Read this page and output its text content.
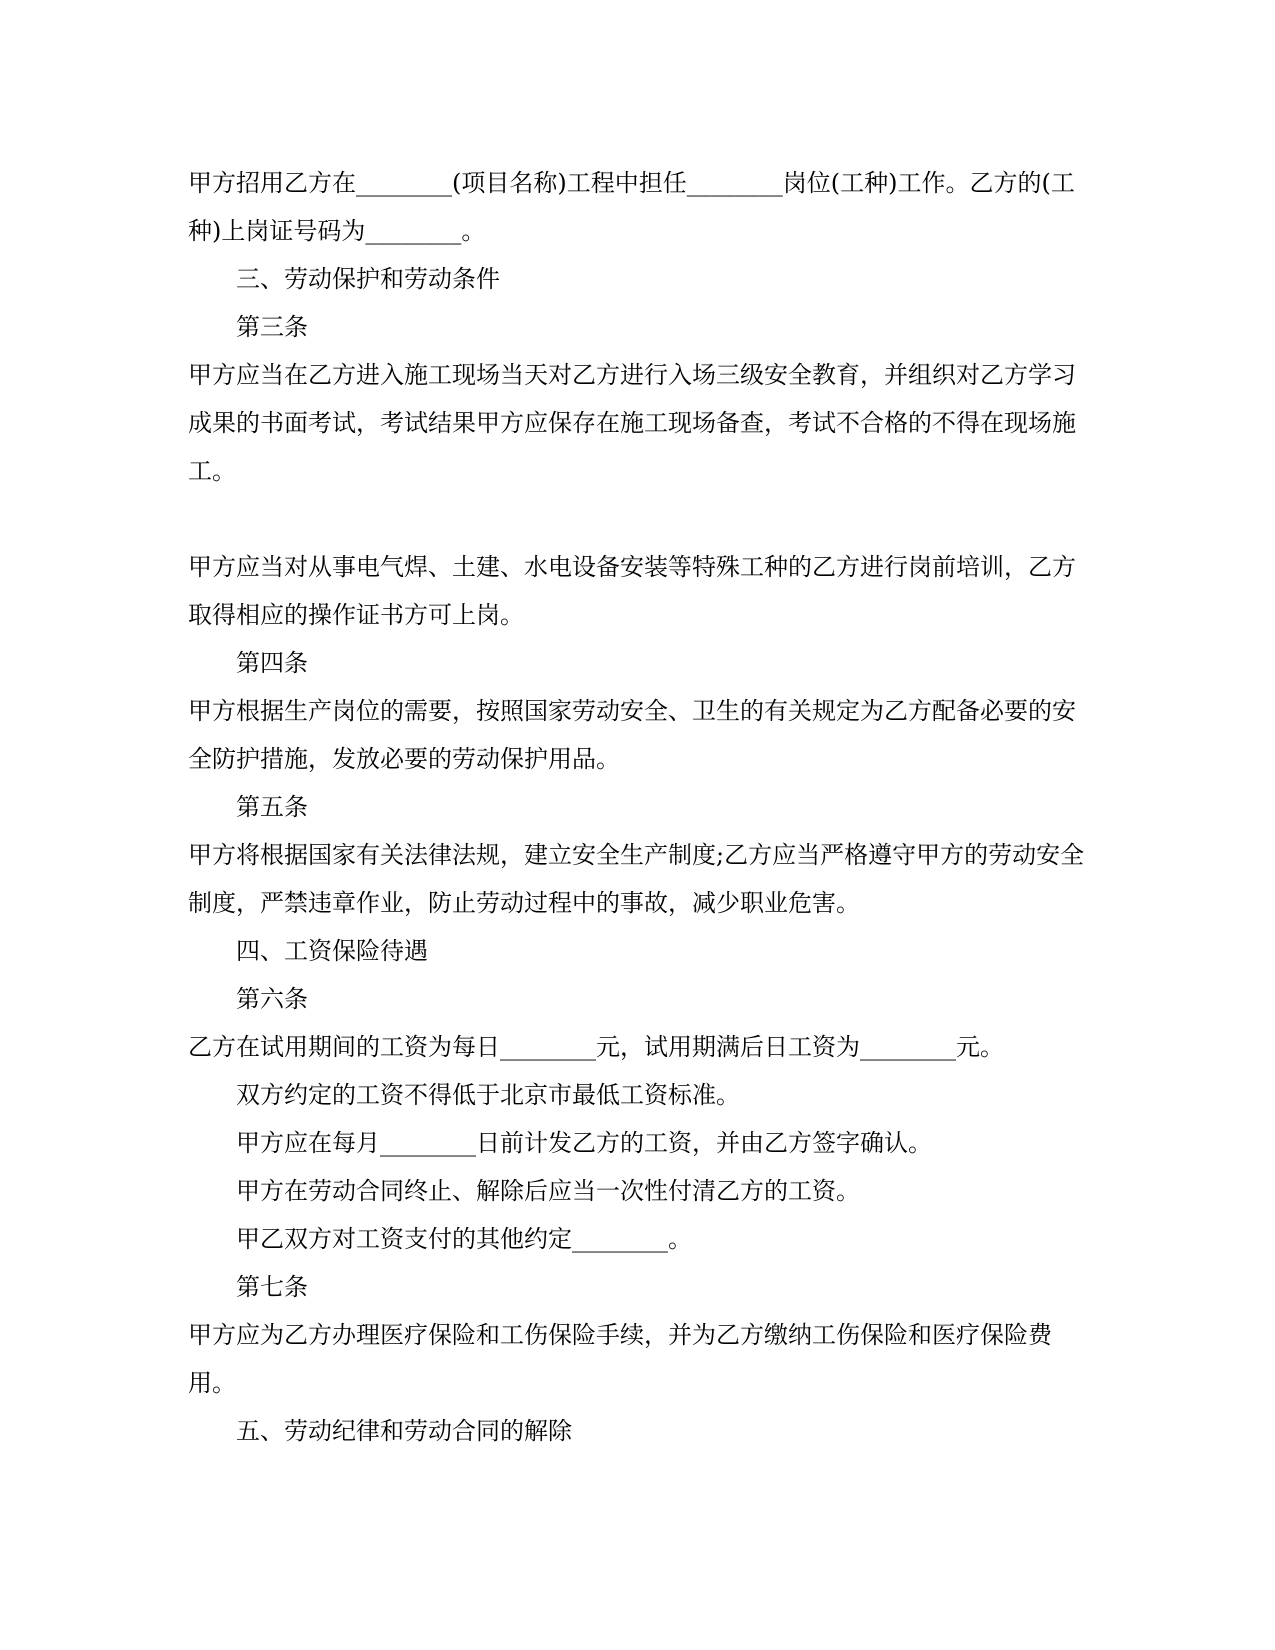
甲方招用乙方在________(项目名称)工程中担任________岗位(工种)工作。乙方的(工种)上岗证号码为________。

三、劳动保护和劳动条件

第三条

甲方应当在乙方进入施工现场当天对乙方进行入场三级安全教育，并组织对乙方学习成果的书面考试，考试结果甲方应保存在施工现场备查，考试不合格的不得在现场施工。

甲方应当对从事电气焊、土建、水电设备安装等特殊工种的乙方进行岗前培训，乙方取得相应的操作证书方可上岗。

第四条

甲方根据生产岗位的需要，按照国家劳动安全、卫生的有关规定为乙方配备必要的安全防护措施，发放必要的劳动保护用品。

第五条

甲方将根据国家有关法律法规，建立安全生产制度;乙方应当严格遵守甲方的劳动安全制度，严禁违章作业，防止劳动过程中的事故，减少职业危害。

四、工资保险待遇

第六条

乙方在试用期间的工资为每日________元，试用期满后日工资为________元。

双方约定的工资不得低于北京市最低工资标准。

甲方应在每月________日前计发乙方的工资，并由乙方签字确认。

甲方在劳动合同终止、解除后应当一次性付清乙方的工资。

甲乙双方对工资支付的其他约定________。

第七条

甲方应为乙方办理医疗保险和工伤保险手续，并为乙方缴纳工伤保险和医疗保险费用。

五、劳动纪律和劳动合同的解除
